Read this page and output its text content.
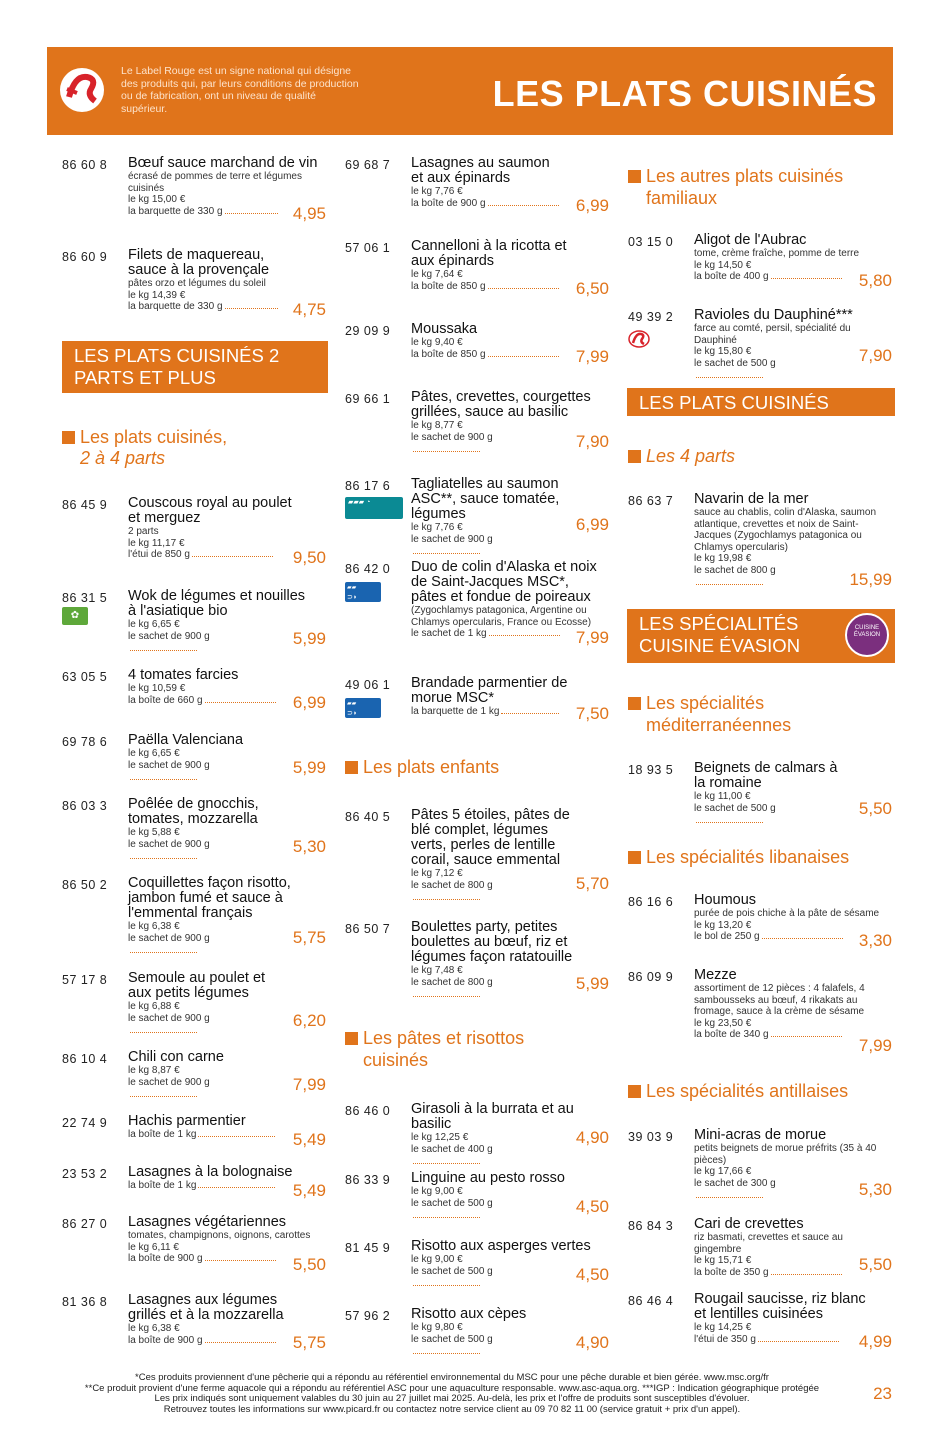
Le Label Rouge est un signe national qui désigne des produits qui, par leurs conditions de production ou de fabrication, ont un niveau de qualité supérieur.	LES PLATS CUISINÉS
86 60 8 Bœuf sauce marchand de vin
écrasé de pommes de terre et légumes cuisinés
le kg 15,00 €
la barquette de 330 g	4,95
86 60 9 Filets de maquereau, sauce à la provençale
pâtes orzo et légumes du soleil
le kg 14,39 €
la barquette de 330 g	4,75
LES PLATS CUISINÉS 2 PARTS ET PLUS
Les plats cuisinés,
2 à 4 parts
86 45 9 Couscous royal au poulet et merguez
2 parts
le kg 11,17 €
l'étui de 850 g	9,50
86 31 5 Wok de légumes et nouilles à l'asiatique bio
le kg 6,65 €
le sachet de 900 g	5,99
✿
63 05 5 4 tomates farcies
le kg 10,59 €
la boîte de 660 g	6,99
69 78 6 Paëlla Valenciana
le kg 6,65 €
le sachet de 900 g	5,99
86 03 3 Poêlée de gnocchis, tomates, mozzarella
le kg 5,88 €
le sachet de 900 g	5,30
86 50 2 Coquillettes façon risotto, jambon fumé et sauce à l'emmental français
le kg 6,38 €
le sachet de 900 g	5,75
57 17 8 Semoule au poulet et aux petits légumes
le kg 6,88 €
le sachet de 900 g	6,20
86 10 4 Chili con carne
le kg 8,87 €
le sachet de 900 g	7,99
22 74 9 Hachis parmentier
la boîte de 1 kg	5,49
23 53 2 Lasagnes à la bolognaise
la boîte de 1 kg	5,49
86 27 0 Lasagnes végétariennes
tomates, champignons, oignons, carottes
le kg 6,11 €
la boîte de 900 g	5,50
81 36 8 Lasagnes aux légumes grillés et à la mozzarella
le kg 6,38 €
la boîte de 900 g	5,75
69 68 7 Lasagnes au saumon et aux épinards
le kg 7,76 €
la boîte de 900 g	6,99
57 06 1 Cannelloni à la ricotta et aux épinards
le kg 7,64 €
la boîte de 850 g	6,50
29 09 9 Moussaka
le kg 9,40 €
la boîte de 850 g	7,99
69 66 1 Pâtes, crevettes, courgettes grillées, sauce au basilic
le kg 8,77 €
le sachet de 900 g	7,90
86 17 6 Tagliatelles au saumon ASC**, sauce tomatée, légumes
le kg 7,76 €
le sachet de 900 g
6,99
▰▰▰ ◔
86 42 0 Duo de colin d'Alaska et noix de Saint-Jacques MSC*, pâtes et fondue de poireaux
(Zygochlamys patagonica, Argentine ou Chlamys opercularis, France ou Ecosse)
le sachet de 1 kg	7,99
▰▰
⊃◗
49 06 1 Brandade parmentier de morue MSC*
la barquette de 1 kg	7,50
▰▰
⊃◗
Les plats enfants
86 40 5 Pâtes 5 étoiles, pâtes de blé complet, légumes verts, perles de lentille corail, sauce emmental
le kg 7,12 €
le sachet de 800 g	5,70
86 50 7 Boulettes party, petites boulettes au bœuf, riz et légumes façon ratatouille
le kg 7,48 €
le sachet de 800 g	5,99
Les pâtes et risottos
cuisinés
86 46 0 Girasoli à la burrata et au basilic
le kg 12,25 €
le sachet de 400 g
4,90
86 33 9 Linguine au pesto rosso
le kg 9,00 €
le sachet de 500 g	4,50
81 45 9 Risotto aux asperges vertes
le kg 9,00 €
le sachet de 500 g	4,50
57 96 2 Risotto aux cèpes
le kg 9,80 €
le sachet de 500 g	4,90
Les autres plats cuisinés
familiaux
03 15 0 Aligot de l'Aubrac
tome, crème fraîche, pomme de terre
le kg 14,50 €
la boîte de 400 g	5,80
49 39 2 Ravioles du Dauphiné***
farce au comté, persil, spécialité du Dauphiné
le kg 15,80 €
le sachet de 500 g	7,90
LES PLATS CUISINÉS FESTIFS
Les 4 parts
86 63 7 Navarin de la mer
sauce au chablis, colin d'Alaska, saumon atlantique, crevettes et noix de Saint-Jacques (Zygochlamys patagonica ou Chlamys opercularis)
le kg 19,98 €
le sachet de 800 g	15,99
LES SPÉCIALITÉS
CUISINE ÉVASION
CUISINE ÉVASION
Les spécialités
méditerranéennes
18 93 5 Beignets de calmars à la romaine
le kg 11,00 €
le sachet de 500 g	5,50
Les spécialités libanaises
86 16 6 Houmous
purée de pois chiche à la pâte de sésame
le kg 13,20 €
le bol de 250 g	3,30
86 09 9 Mezze
assortiment de 12 pièces : 4 falafels, 4 sambousseks au bœuf, 4 rikakats au fromage, sauce à la crème de sésame
le kg 23,50 €
la boîte de 340 g
7,99
Les spécialités antillaises
39 03 9 Mini-acras de morue
petits beignets de morue préfrits (35 à 40 pièces)
le kg 17,66 €
le sachet de 300 g	5,30
86 84 3 Cari de crevettes
riz basmati, crevettes et sauce au gingembre
le kg 15,71 €
la boîte de 350 g	5,50
86 46 4 Rougail saucisse, riz blanc et lentilles cuisinées
le kg 14,25 €
l'étui de 350 g	4,99
*Ces produits proviennent d'une pêcherie qui a répondu au référentiel environnemental du MSC pour une pêche durable et bien gérée. www.msc.org/fr
**Ce produit provient d'une ferme aquacole qui a répondu au référentiel ASC pour une aquaculture responsable. www.asc-aqua.org. ***IGP : Indication géographique protégée
Les prix indiqués sont uniquement valables du 30 juin au 27 juillet mai 2025. Au-delà, les prix et l'offre de produits sont susceptibles d'évoluer.
Retrouvez toutes les informations sur www.picard.fr ou contactez notre service client au 09 70 82 11 00 (service gratuit + prix d'un appel).
23
